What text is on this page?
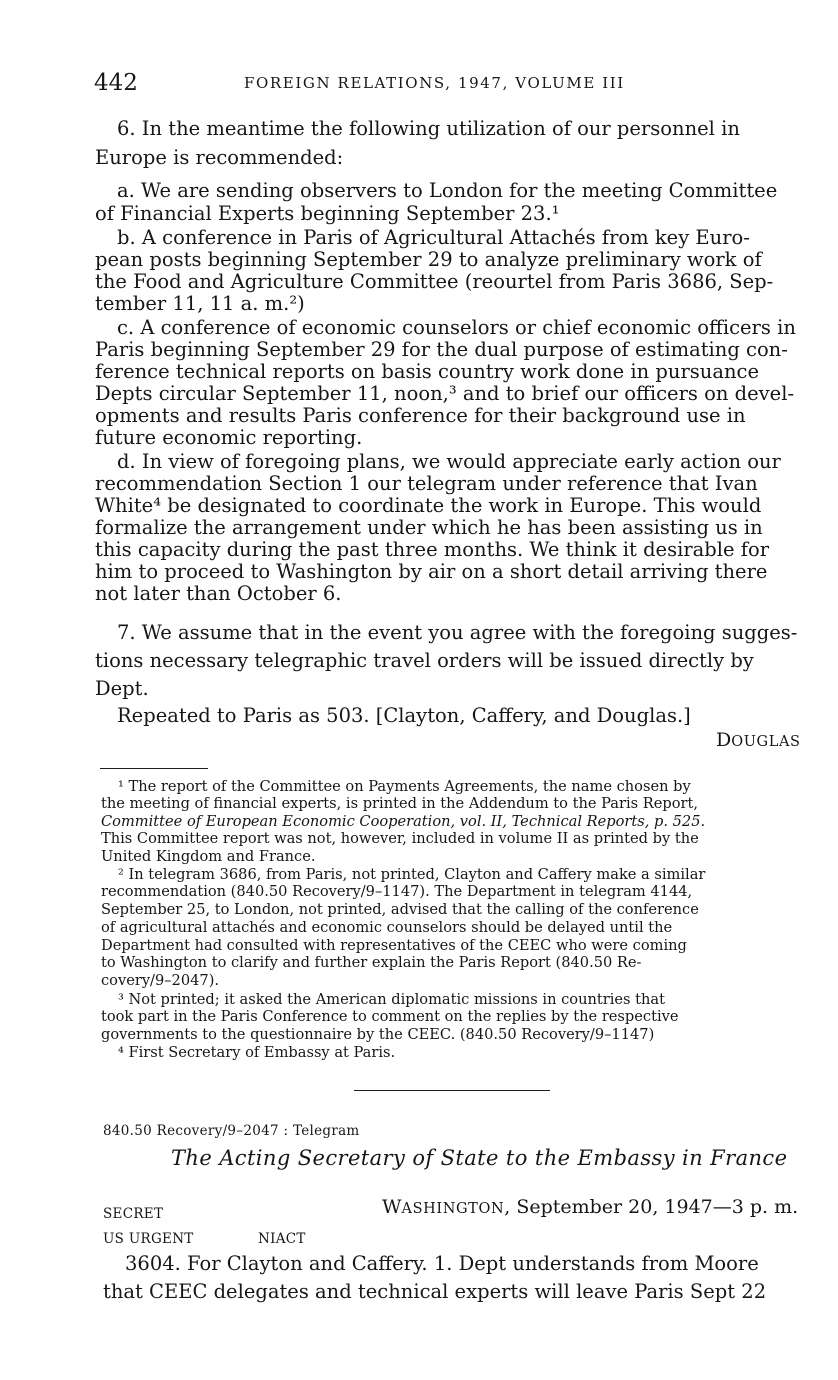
442	FOREIGN RELATIONS, 1947, VOLUME III
6. In the meantime the following utilization of our personnel in
Europe is recommended:
a. We are sending observers to London for the meeting Committee
of Financial Experts beginning September 23.¹
b. A conference in Paris of Agricultural Attachés from key Euro-
pean posts beginning September 29 to analyze preliminary work of
the Food and Agriculture Committee (reourtel from Paris 3686, Sep-
tember 11, 11 a. m.²)
c. A conference of economic counselors or chief economic officers in
Paris beginning September 29 for the dual purpose of estimating con-
ference technical reports on basis country work done in pursuance
Depts circular September 11, noon,³ and to brief our officers on devel-
opments and results Paris conference for their background use in
future economic reporting.
d. In view of foregoing plans, we would appreciate early action our
recommendation Section 1 our telegram under reference that Ivan
White⁴ be designated to coordinate the work in Europe. This would
formalize the arrangement under which he has been assisting us in
this capacity during the past three months. We think it desirable for
him to proceed to Washington by air on a short detail arriving there
not later than October 6.
7. We assume that in the event you agree with the foregoing sugges-
tions necessary telegraphic travel orders will be issued directly by
Dept.
Repeated to Paris as 503. [Clayton, Caffery, and Douglas.]
DOUGLAS
¹ The report of the Committee on Payments Agreements, the name chosen by
the meeting of financial experts, is printed in the Addendum to the Paris Report,
Committee of European Economic Cooperation, vol. II, Technical Reports, p. 525.
This Committee report was not, however, included in volume II as printed by the
United Kingdom and France.
² In telegram 3686, from Paris, not printed, Clayton and Caffery make a similar
recommendation (840.50 Recovery/9–1147). The Department in telegram 4144,
September 25, to London, not printed, advised that the calling of the conference
of agricultural attachés and economic counselors should be delayed until the
Department had consulted with representatives of the CEEC who were coming
to Washington to clarify and further explain the Paris Report (840.50 Re-
covery/9–2047).
³ Not printed; it asked the American diplomatic missions in countries that
took part in the Paris Conference to comment on the replies by the respective
governments to the questionnaire by the CEEC. (840.50 Recovery/9–1147)
⁴ First Secretary of Embassy at Paris.
840.50 Recovery/9–2047 : Telegram
The Acting Secretary of State to the Embassy in France
SECRET	WASHINGTON, September 20, 1947—3 p. m.
US URGENT	NIACT
3604. For Clayton and Caffery. 1. Dept understands from Moore
that CEEC delegates and technical experts will leave Paris Sept 22
